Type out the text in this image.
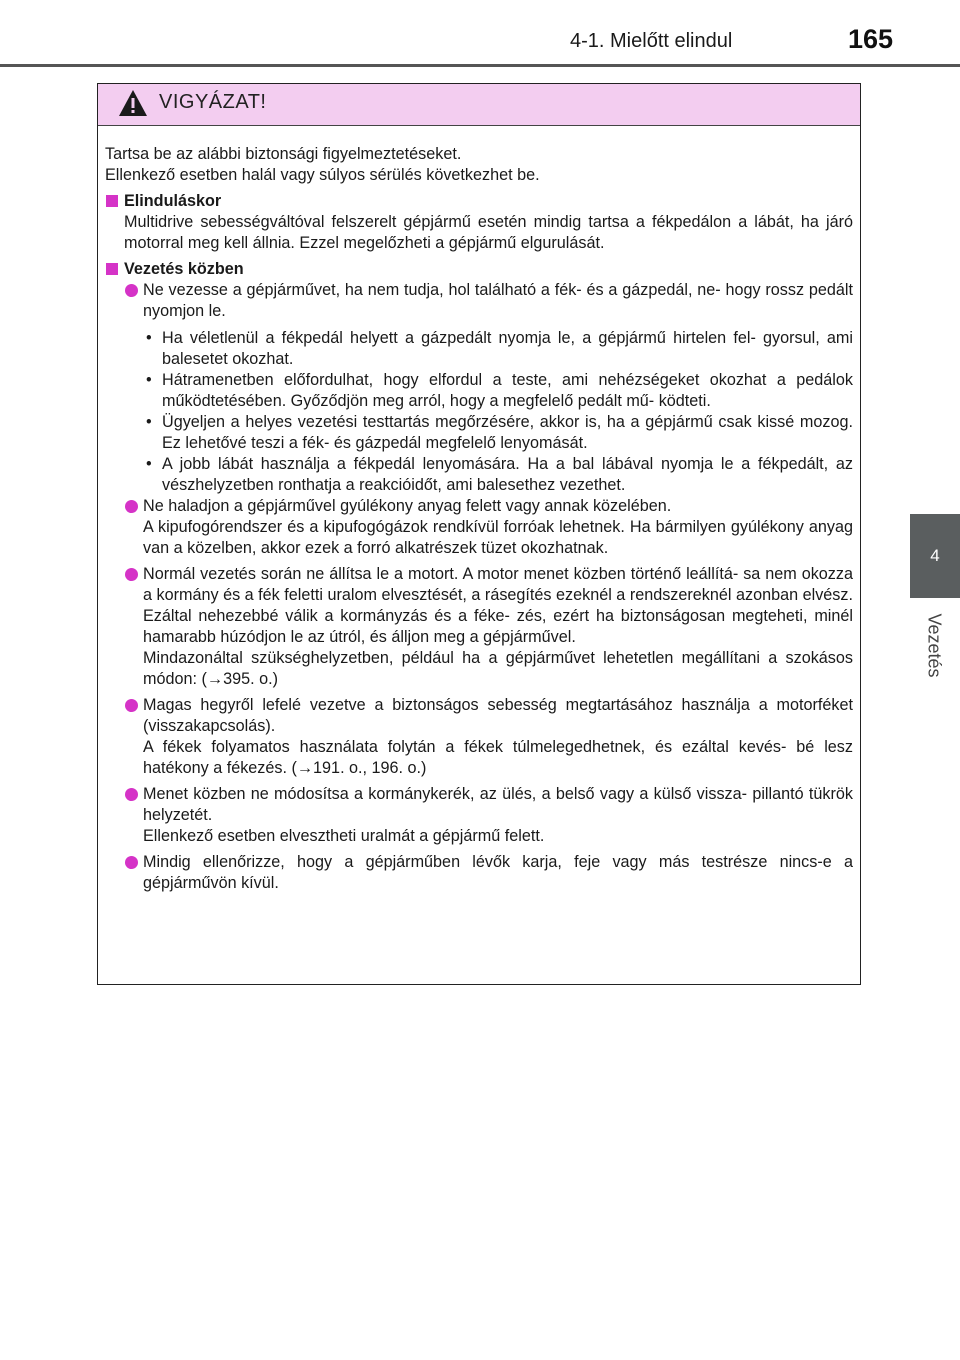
4-1. Mielőtt elindul	165
4
Vezetés
VIGYÁZAT!

Tartsa be az alábbi biztonsági figyelmeztetéseket.

Ellenkező esetben halál vagy súlyos sérülés következhet be.

Elinduláskor

Multidrive sebességváltóval felszerelt gépjármű esetén mindig tartsa a fékpedálon a lábát, ha járó motorral meg kell állnia. Ezzel megelőzheti a gépjármű elgurulását.

Vezetés közben

Ne vezesse a gépjárművet, ha nem tudja, hol található a fék- és a gázpedál, ne- hogy rossz pedált nyomjon le.

• Ha véletlenül a fékpedál helyett a gázpedált nyomja le, a gépjármű hirtelen fel- gyorsul, ami balesetet okozhat.

• Hátramenetben előfordulhat, hogy elfordul a teste, ami nehézségeket okozhat a pedálok működtetésében. Győződjön meg arról, hogy a megfelelő pedált mű- ködteti.

• Ügyeljen a helyes vezetési testtartás megőrzésére, akkor is, ha a gépjármű csak kissé mozog. Ez lehetővé teszi a fék- és gázpedál megfelelő lenyomását.

• A jobb lábát használja a fékpedál lenyomására. Ha a bal lábával nyomja le a fékpedált, az vészhelyzetben ronthatja a reakcióidőt, ami balesethez vezethet.

Ne haladjon a gépjárművel gyúlékony anyag felett vagy annak közelében.

A kipufogórendszer és a kipufogógázok rendkívül forróak lehetnek. Ha bármilyen gyúlékony anyag van a közelben, akkor ezek a forró alkatrészek tüzet okozhatnak.

Normál vezetés során ne állítsa le a motort. A motor menet közben történő leállítá- sa nem okozza a kormány és a fék feletti uralom elvesztését, a rásegítés ezeknél a rendszereknél azonban elvész. Ezáltal nehezebbé válik a kormányzás és a féke- zés, ezért ha biztonságosan megteheti, minél hamarabb húzódjon le az útról, és álljon meg a gépjárművel.

Mindazonáltal szükséghelyzetben, például ha a gépjárművet lehetetlen megállítani a szokásos módon: (→395. o.)

Magas hegyről lefelé vezetve a biztonságos sebesség megtartásához használja a motorféket (visszakapcsolás).

A fékek folyamatos használata folytán a fékek túlmelegedhetnek, és ezáltal kevés- bé lesz hatékony a fékezés. (→191. o., 196. o.)

Menet közben ne módosítsa a kormánykerék, az ülés, a belső vagy a külső vissza- pillantó tükrök helyzetét.

Ellenkező esetben elvesztheti uralmát a gépjármű felett.

Mindig ellenőrizze, hogy a gépjárműben lévők karja, feje vagy más testrésze nincs-e a gépjárművön kívül.
